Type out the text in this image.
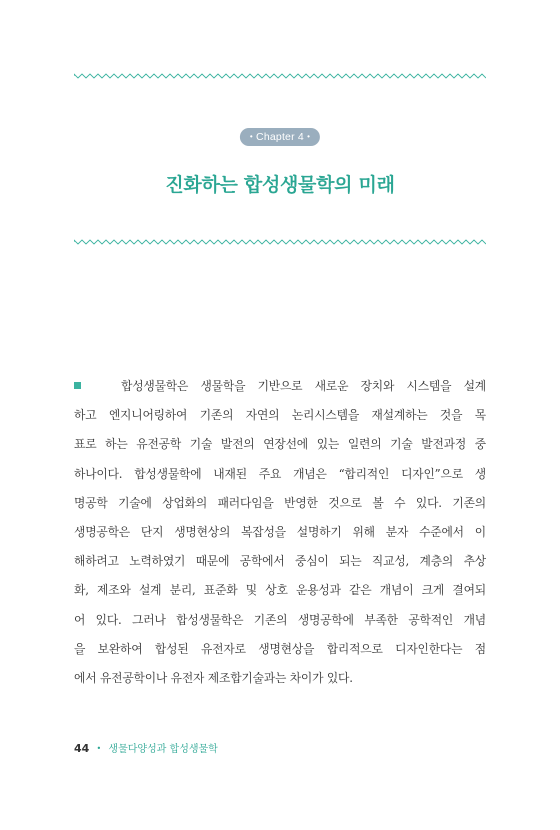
• Chapter 4 •
진화하는 합성생물학의 미래
합성생물학은 생물학을 기반으로 새로운 장치와 시스템을 설계
하고 엔지니어링하여 기존의 자연의 논리시스템을 재설계하는 것을 목
표로 하는 유전공학 기술 발전의 연장선에 있는 일련의 기술 발전과정 중
하나이다. 합성생물학에 내재된 주요 개념은 “합리적인 디자인”으로 생
명공학 기술에 상업화의 패러다임을 반영한 것으로 볼 수 있다. 기존의
생명공학은 단지 생명현상의 복잡성을 설명하기 위해 분자 수준에서 이
해하려고 노력하였기 때문에 공학에서 중심이 되는 직교성, 계층의 추상
화, 제조와 설계 분리, 표준화 및 상호 운용성과 같은 개념이 크게 결여되
어 있다. 그러나 합성생물학은 기존의 생명공학에 부족한 공학적인 개념
을 보완하여 합성된 유전자로 생명현상을 합리적으로 디자인한다는 점
에서 유전공학이나 유전자 제조합기술과는 차이가 있다.
44 • 생물다양성과 합성생물학
